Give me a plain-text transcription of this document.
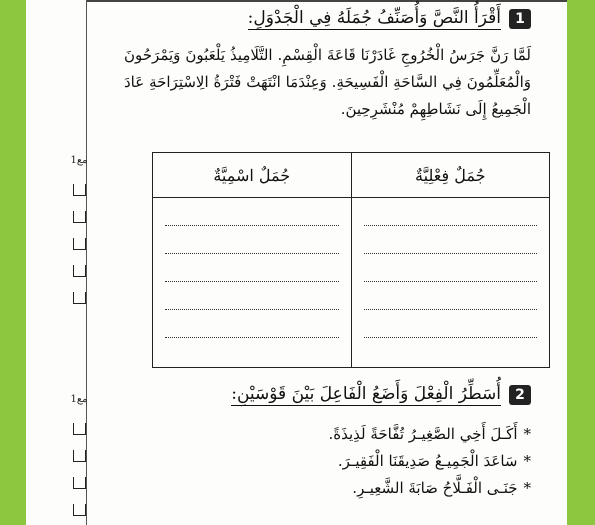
مع1
مع1
1
أَقْرَأُ النَّصَّ وَأُصَنِّفُ جُمَلَهُ فِي الْجَدْوَلِ:
لَمَّا رَنَّ جَرَسُ الْخُرُوجِ غَادَرْنَا قَاعَةَ الْقِسْمِ. التَّلَامِيذُ يَلْعَبُونَ وَيَمْرَحُونَ وَالْمُعَلِّمُونَ فِي السَّاحَةِ الْفَسِيحَةِ. وَعِنْدَمَا انْتَهَتْ فَتْرَةُ الِاسْتِرَاحَةِ عَادَ الْجَمِيعُ إِلَى نَشَاطِهِمْ مُنْشَرِحِينَ.
جُمَلٌ فِعْلِيَّةٌ
جُمَلٌ اسْمِيَّةٌ
2
أُسَطِّرُ الْفِعْلَ وَأَضَعُ الْفَاعِلَ بَيْنَ قَوْسَيْنِ:
*
أَكَـلَ أَخِي الصَّغِيـرُ تُفَّاحَةً لَذِيذَةً.
*
سَاعَدَ الْجَمِيـعُ صَدِيقَنَا الْفَقِيـرَ.
*
جَنَـى الْفَـلَّاحُ صَابَةَ الشَّعِيـرِ.
